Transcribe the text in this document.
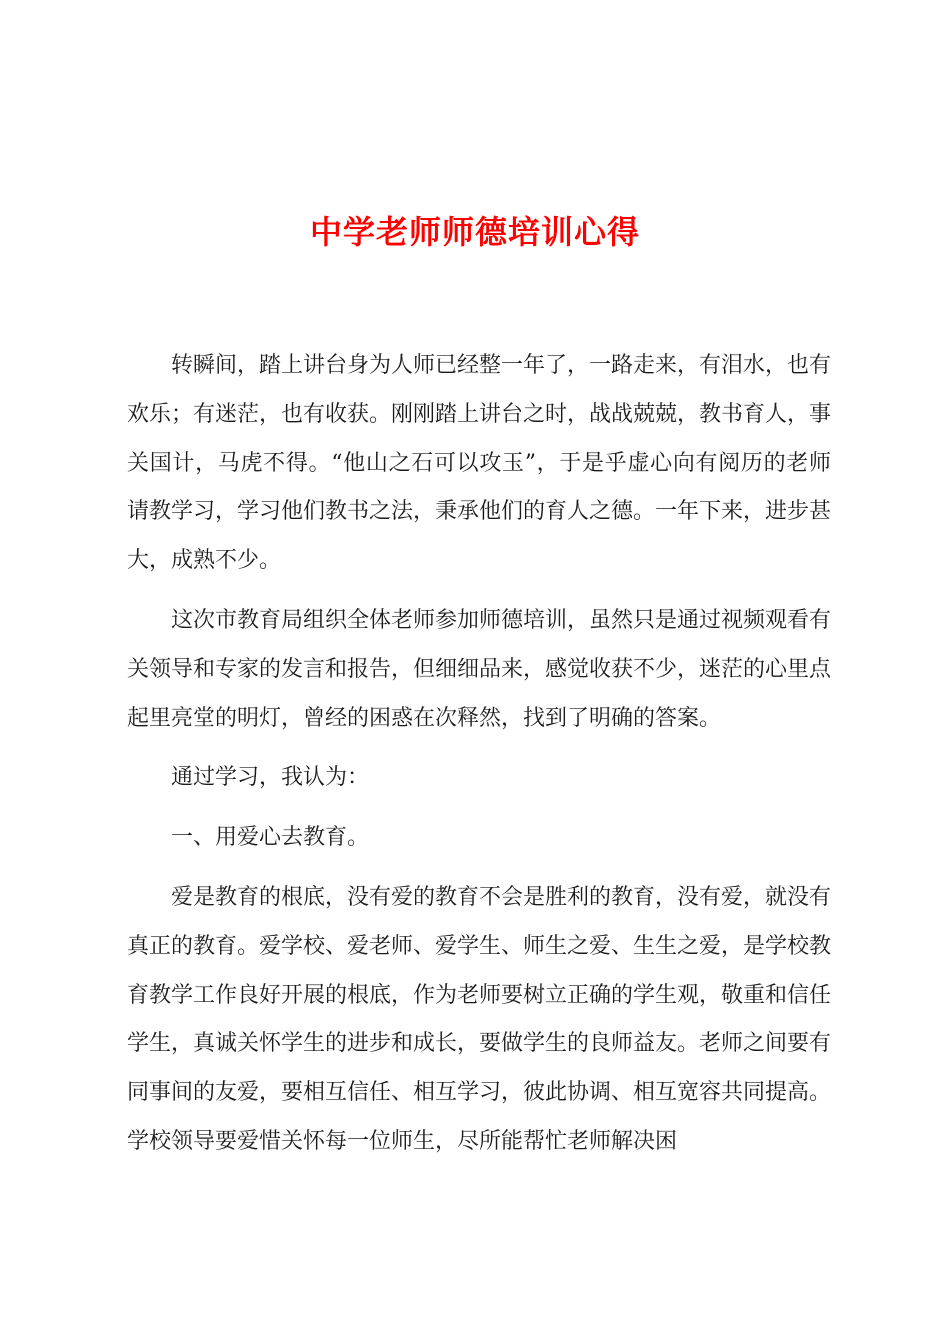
中学老师师德培训心得

转瞬间，踏上讲台身为人师已经整一年了，一路走来，有泪水，也有欢乐；有迷茫，也有收获。刚刚踏上讲台之时，战战兢兢，教书育人，事关国计，马虎不得。“他山之石可以攻玉”，于是乎虚心向有阅历的老师请教学习，学习他们教书之法，秉承他们的育人之德。一年下来，进步甚大，成熟不少。

这次市教育局组织全体老师参加师德培训，虽然只是通过视频观看有关领导和专家的发言和报告，但细细品来，感觉收获不少，迷茫的心里点起里亮堂的明灯，曾经的困惑在次释然，找到了明确的答案。

通过学习，我认为：

一、用爱心去教育。

爱是教育的根底，没有爱的教育不会是胜利的教育，没有爱，就没有真正的教育。爱学校、爱老师、爱学生、师生之爱、生生之爱，是学校教育教学工作良好开展的根底，作为老师要树立正确的学生观，敬重和信任学生，真诚关怀学生的进步和成长，要做学生的良师益友。老师之间要有同事间的友爱，要相互信任、相互学习，彼此协调、相互宽容共同提高。学校领导要爱惜关怀每一位师生，尽所能帮忙老师解决困
